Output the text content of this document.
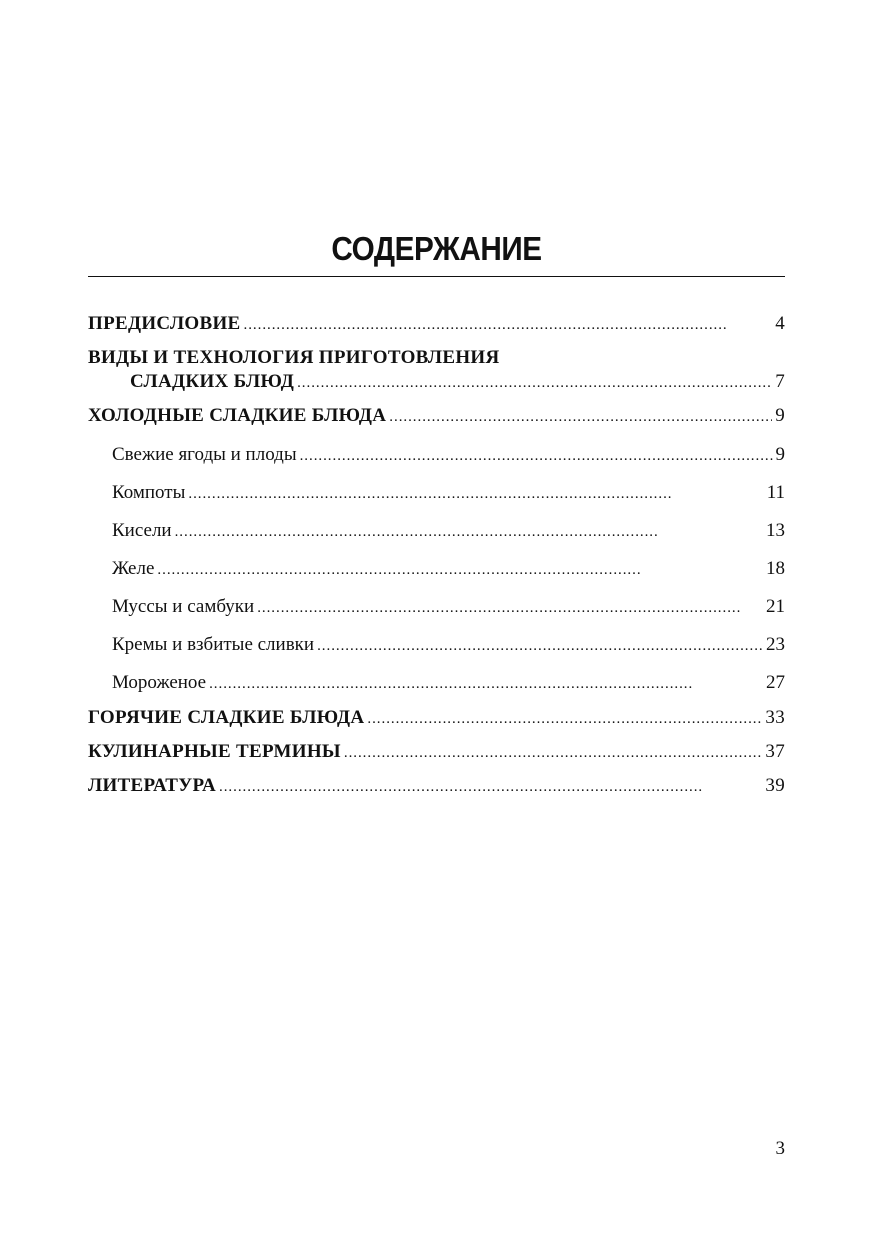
СОДЕРЖАНИЕ
ПРЕДИСЛОВИЕ . . .	4
ВИДЫ И ТЕХНОЛОГИЯ ПРИГОТОВЛЕНИЯ
СЛАДКИХ БЛЮД . . .	7
ХОЛОДНЫЕ СЛАДКИЕ БЛЮДА . . .	9
Свежие ягоды и плоды . . .	9
Компоты . . .	11
Кисели . . .	13
Желе . . .	18
Муссы и самбуки . . .	21
Кремы и взбитые сливки . . .	23
Мороженое . . .	27
ГОРЯЧИЕ СЛАДКИЕ БЛЮДА . . .	33
КУЛИНАРНЫЕ ТЕРМИНЫ . . .	37
ЛИТЕРАТУРА . . .	39
3
